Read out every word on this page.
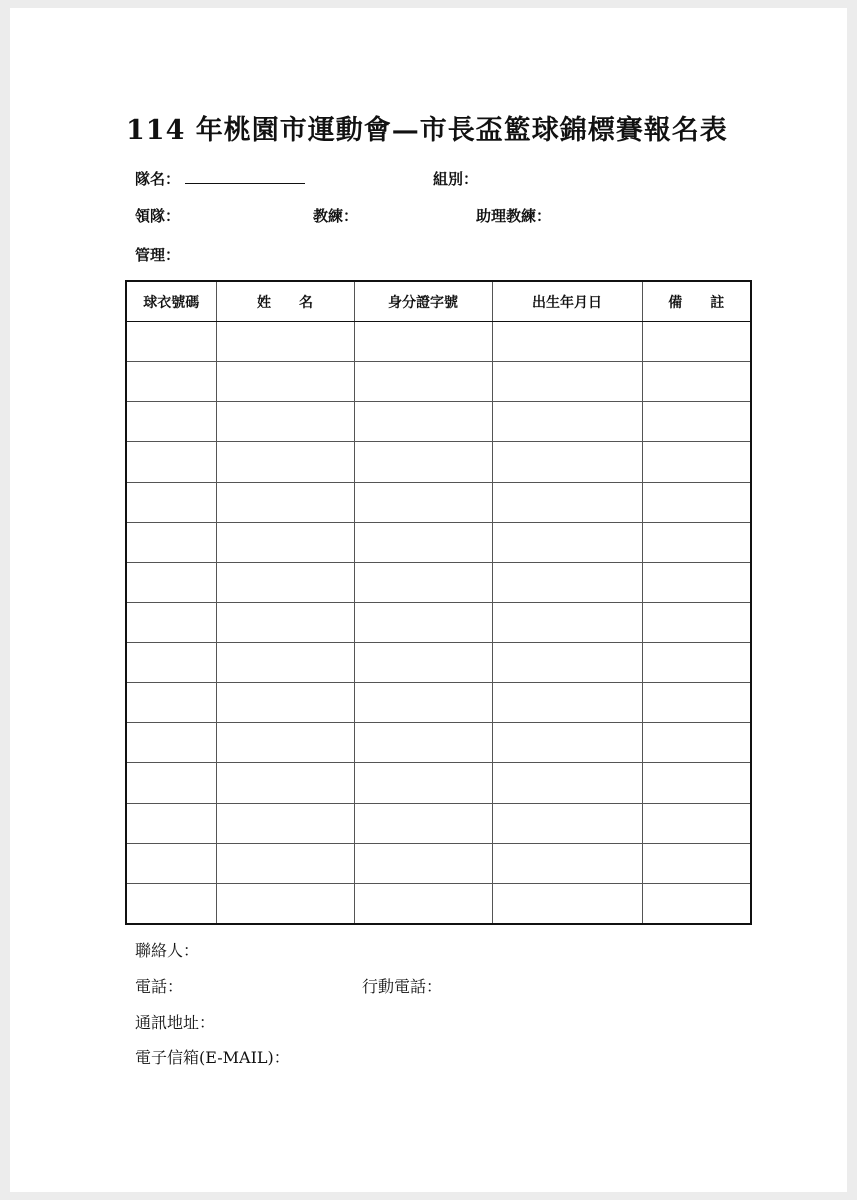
114 年桃園市運動會—市長盃籃球錦標賽報名表
隊名：	組別：
領隊：	教練：	助理教練：
管理：
球衣號碼	姓　　名	身分證字號	出生年月日	備　　註

聯絡人：
電話：	行動電話：
通訊地址：
電子信箱(E-MAIL)：
